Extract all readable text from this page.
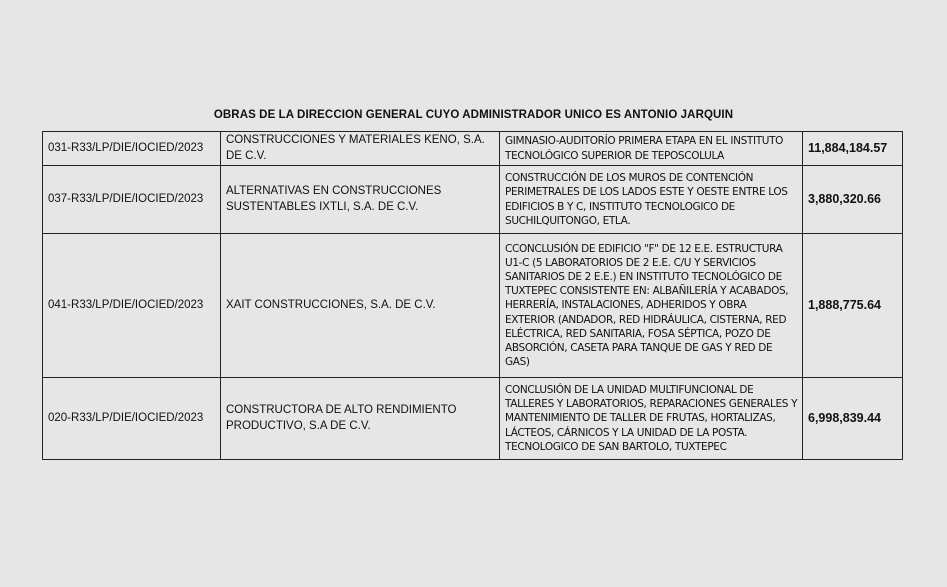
OBRAS DE LA DIRECCION GENERAL CUYO ADMINISTRADOR UNICO ES ANTONIO JARQUIN
031-R33/LP/DIE/IOCIED/2023	CONSTRUCCIONES Y MATERIALES KENO, S.A. DE C.V.	GIMNASIO-AUDITORÍO PRIMERA ETAPA EN EL INSTITUTO TECNOLÓGICO SUPERIOR DE TEPOSCOLULA	11,884,184.57
037-R33/LP/DIE/IOCIED/2023	ALTERNATIVAS EN CONSTRUCCIONES SUSTENTABLES IXTLI, S.A. DE C.V.	CONSTRUCCIÓN DE LOS MUROS DE CONTENCIÓN PERIMETRALES DE LOS LADOS ESTE Y OESTE ENTRE LOS EDIFICIOS B Y C, INSTITUTO TECNOLOGICO DE SUCHILQUITONGO, ETLA.	3,880,320.66
041-R33/LP/DIE/IOCIED/2023	XAIT CONSTRUCCIONES, S.A. DE C.V.	CCONCLUSIÓN DE EDIFICIO "F" DE 12 E.E. ESTRUCTURA U1-C (5 LABORATORIOS DE 2 E.E. C/U Y SERVICIOS SANITARIOS DE 2 E.E.) EN INSTITUTO TECNOLÓGICO DE TUXTEPEC CONSISTENTE EN: ALBAÑILERÍA Y ACABADOS, HERRERÍA, INSTALACIONES, ADHERIDOS Y OBRA EXTERIOR (ANDADOR, RED HIDRÁULICA, CISTERNA, RED ELÉCTRICA, RED SANITARIA, FOSA SÉPTICA, POZO DE ABSORCIÓN, CASETA PARA TANQUE DE GAS Y RED DE GAS)	1,888,775.64
020-R33/LP/DIE/IOCIED/2023	CONSTRUCTORA DE ALTO RENDIMIENTO PRODUCTIVO, S.A DE C.V.	CONCLUSIÓN DE LA UNIDAD MULTIFUNCIONAL DE TALLERES Y LABORATORIOS, REPARACIONES GENERALES Y MANTENIMIENTO DE TALLER DE FRUTAS, HORTALIZAS, LÁCTEOS, CÁRNICOS Y LA UNIDAD DE LA POSTA. TECNOLOGICO DE SAN BARTOLO, TUXTEPEC	6,998,839.44
